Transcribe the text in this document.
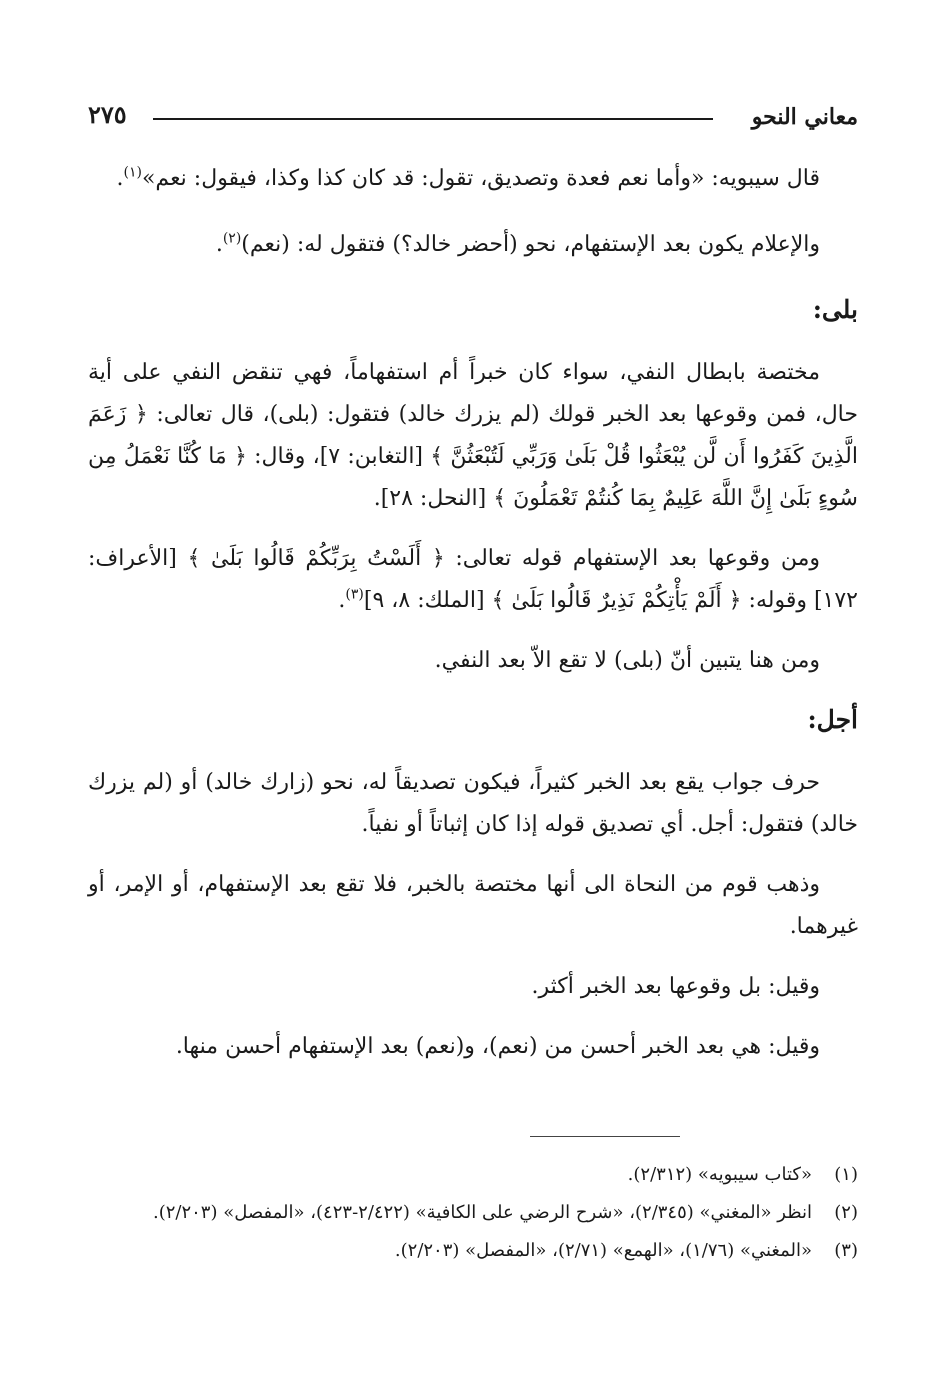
٢٧٥	معاني النحو

قال سيبويه: «وأما نعم فعدة وتصديق، تقول: قد كان كذا وكذا، فيقول: نعم»$^{(١)}$.

والإعلام يكون بعد الإستفهام، نحو (أحضر خالد؟) فتقول له: (نعم)$^{(٢)}$.

بلى:

مختصة بابطال النفي، سواء كان خبراً أم استفهاماً، فهي تنقض النفي على أية حال، فمن وقوعها بعد الخبر قولك (لم يزرك خالد) فتقول: (بلى)، قال تعالى: ﴿ زَعَمَ الَّذِينَ كَفَرُوا أَن لَّن يُبْعَثُوا قُلْ بَلَىٰ وَرَبِّي لَتُبْعَثُنَّ ﴾ [التغابن: ٧]، وقال: ﴿ مَا كُنَّا نَعْمَلُ مِن سُوءٍ بَلَىٰ إِنَّ اللَّهَ عَلِيمٌ بِمَا كُنتُمْ تَعْمَلُونَ ﴾ [النحل: ٢٨].

ومن وقوعها بعد الإستفهام قوله تعالى: ﴿ أَلَسْتُ بِرَبِّكُمْ قَالُوا بَلَىٰ ﴾ [الأعراف: ١٧٢] وقوله: ﴿ أَلَمْ يَأْتِكُمْ نَذِيرٌ قَالُوا بَلَىٰ ﴾ [الملك: ٨، ٩]$^{(٣)}$.

ومن هنا يتبين أنّ (بلى) لا تقع الاّ بعد النفي.

أجل:

حرف جواب يقع بعد الخبر كثيراً، فيكون تصديقاً له، نحو (زارك خالد) أو (لم يزرك خالد) فتقول: أجل. أي تصديق قوله إذا كان إثباتاً أو نفياً.

وذهب قوم من النحاة الى أنها مختصة بالخبر، فلا تقع بعد الإستفهام، أو الإمر، أو غيرهما.

وقيل: بل وقوعها بعد الخبر أكثر.

وقيل: هي بعد الخبر أحسن من (نعم)، و(نعم) بعد الإستفهام أحسن منها.

(١)
«كتاب سيبويه» (٢/٣١٢).
(٢)
انظر «المغني» (٢/٣٤٥)، «شرح الرضي على الكافية» (٢/٤٢٢-٤٢٣)، «المفصل» (٢/٢٠٣).
(٣)
«المغني» (١/٧٦)، «الهمع» (٢/٧١)، «المفصل» (٢/٢٠٣).
